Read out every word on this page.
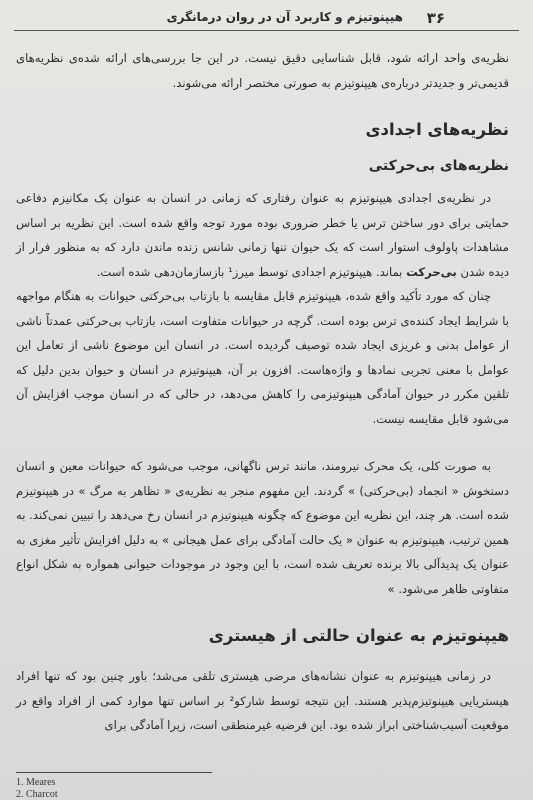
۳۶
هیپنوتیزم و کاربرد آن در روان درمانگری
نظریه‌ی واحد ارائه شود، قابل شناسایی دقیق نیست. در این جا بررسی‌های ارائه شده‌ی نظریه‌های قدیمی‌تر و جدیدتر درباره‌ی هیپنوتیزم به صورتی مختصر ارائه می‌شوند.
نظریه‌های اجدادی
نظریه‌های بی‌حرکتی
در نظریه‌ی اجدادی هیپنوتیزم به عنوان رفتاری که زمانی در انسان به عنوان یک مکانیزم دفاعی حمایتی برای دور ساختن ترس یا خطر ضروری بوده مورد توجه واقع شده است. این نظریه بر اساس مشاهدات پاولوف استوار است که یک حیوان تنها زمانی شانس زنده ماندن دارد که به منظور فرار از دیده شدن بی‌حرکت بماند. هیپنوتیزم اجدادی توسط میرز¹ بازسازمان‌دهی شده است.
چنان که مورد تأکید واقع شده، هیپنوتیزم قابل مقایسه با بازتاب بی‌حرکتی حیوانات به هنگام مواجهه با شرایط ایجاد کننده‌ی ترس بوده است. گرچه در حیوانات متفاوت است، بازتاب بی‌حرکتی عمدتاً ناشی از عوامل بدنی و غریزی ایجاد شده توصیف گردیده است. در انسان این موضوع ناشی از تعامل این عوامل با معنی تجربی نمادها و واژه‌هاست. افزون بر آن، هیپنوتیزم در انسان و حیوان بدین دلیل که تلقین مکرر در حیوان آمادگی هیپنوتیزمی را کاهش می‌دهد، در حالی که در انسان موجب افزایش آن می‌شود قابل مقایسه نیست.
به صورت کلی، یک محرک نیرومند، مانند ترس ناگهانی، موجب می‌شود که حیوانات معین و انسان دستخوش « انجماد (بی‌حرکتی) » گردند. این مفهوم منجر به نظریه‌ی « تظاهر به مرگ » در هیپنوتیزم شده است. هر چند، این نظریه این موضوع که چگونه هیپنوتیزم در انسان رخ می‌دهد را تبیین نمی‌کند. به همین ترتیب، هیپنوتیزم به عنوان « یک حالت آمادگی برای عمل هیجانی » به دلیل افزایش تأثیر مغزی به عنوان یک پدیدآلی بالا برنده تعریف شده است، با این وجود در موجودات حیوانی همواره به شکل انواع متفاوتی ظاهر می‌شود. »
هیپنوتیزم به عنوان حالتی از هیستری
در زمانی هیپنوتیزم به عنوان نشانه‌های مرضی هیستری تلقی می‌شد؛ باور چنین بود که تنها افراد هیستریایی هیپنوتیزم‌پذیر هستند. این نتیجه توسط شارکو² بر اساس تنها موارد کمی از افراد واقع در موقعیت آسیب‌شناختی ابراز شده بود. این فرضیه غیرمنطقی است، زیرا آمادگی برای
1. Meares
2. Charcot
